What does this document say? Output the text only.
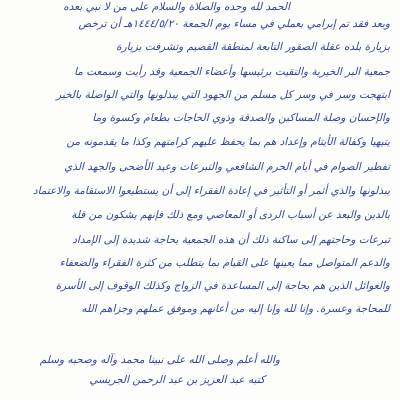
الحمد لله وحده والصلاة والسلام على من لا نبي بعده
وبعد فقد تم إبرامي بعملي في مساء يوم الجمعة ١٤٤٤/٥/٢٠هـ أن ترخص
بزيارة بلده عقلة الصقور التابعة لمنطقة القصيم وتشرفت بزيارة
جمعية البر الخيرية والتقيت برئيسها وأعضاء الجمعية وقد رأيت وسمعت ما
ابتهجت وسر في وسر كل مسلم من الجهود التي يبذلونها والتي الواصلة بالخير
والإحسان وصلة المساكين والصدقة وذوي الحاجات بطعام وكسوة وما
يتيهيا وكفالة الأيتام وإعداد هم بما يحفظ عليهم كرامتهم وكذا ما يقدمونه من
تفطير الصوام في أيام الحرم الشافعي والتبرعات وعيد الأضحى والجهد الذي
يبذلونها والذي أثمر أو التأثير في إعادة الفقراء إلى أن يستطيعوا الاستقامة والاعتماد
بالدين والبعد عن أسباب الردى أو المعاصي ومع ذلك فإنهم يشكون من قلة
تبرعات وحاجتهم إلى ساكنة ذلك أن هذه الجمعية بحاجة شديدة إلى الإمداد
والدعم المتواصل مما يعينها على القيام بما يتطلب من كثرة الفقراء والضعفاء
والعوائل الذين هم بحاجة إلى المساعدة في الزواج وكذلك الوقوف إلى الأسرة
للمحاجة وعسرة. وإنا لله وإنا إليه من أعانهم وموفق عملهم وجزاهم الله
والله أعلم وصلى الله على نبينا محمد وآله وصحبه وسلم
كتبه عبد العزيز بن عبد الرحمن الجريسي
